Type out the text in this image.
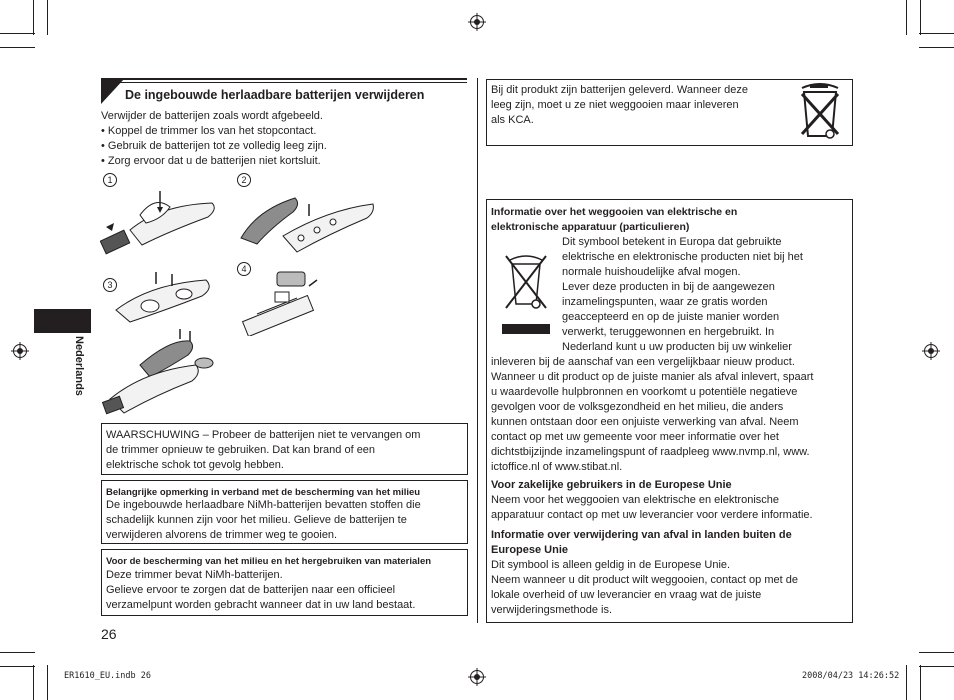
Nederlands
De ingebouwde herlaadbare batterijen verwijderen
Verwijder de batterijen zoals wordt afgebeeld.
• Koppel de trimmer los van het stopcontact.
• Gebruik de batterijen tot ze volledig leeg zijn.
• Zorg ervoor dat u de batterijen niet kortsluit.
1	2
3
4
WAARSCHUWING – Probeer de batterijen niet te vervangen om
de trimmer opnieuw te gebruiken. Dat kan brand of een
elektrische schok tot gevolg hebben.
Belangrijke opmerking in verband met de bescherming van het milieu
De ingebouwde herlaadbare NiMh-batterijen bevatten stoffen die
schadelijk kunnen zijn voor het milieu. Gelieve de batterijen te
verwijderen alvorens de trimmer weg te gooien.
Voor de bescherming van het milieu en het hergebruiken van materialen
Deze trimmer bevat NiMh-batterijen.
Gelieve ervoor te zorgen dat de batterijen naar een officieel
verzamelpunt worden gebracht wanneer dat in uw land bestaat.
26
Bij dit produkt zijn batterijen geleverd. Wanneer deze
leeg zijn, moet u ze niet weggooien maar inleveren
als KCA.
Informatie over het weggooien van elektrische en
elektronische apparatuur (particulieren)
Dit symbool betekent in Europa dat gebruikte
elektrische en elektronische producten niet bij het
normale huishoudelijke afval mogen.
Lever deze producten in bij de aangewezen
inzamelingspunten, waar ze gratis worden
geaccepteerd en op de juiste manier worden
verwerkt, teruggewonnen en hergebruikt. In
Nederland kunt u uw producten bij uw winkelier
inleveren bij de aanschaf van een vergelijkbaar nieuw product.
Wanneer u dit product op de juiste manier als afval inlevert, spaart
u waardevolle hulpbronnen en voorkomt u potentiële negatieve
gevolgen voor de volksgezondheid en het milieu, die anders
kunnen ontstaan door een onjuiste verwerking van afval. Neem
contact op met uw gemeente voor meer informatie over het
dichtstbijzijnde inzamelingspunt of raadpleeg www.nvmp.nl, www.
ictoffice.nl of www.stibat.nl.
Voor zakelijke gebruikers in de Europese Unie
Neem voor het weggooien van elektrische en elektronische
apparatuur contact op met uw leverancier voor verdere informatie.
Informatie over verwijdering van afval in landen buiten de
Europese Unie
Dit symbool is alleen geldig in de Europese Unie.
Neem wanneer u dit product wilt weggooien, contact op met de
lokale overheid of uw leverancier en vraag wat de juiste
verwijderingsmethode is.
ER1610_EU.indb 26	2008/04/23 14:26:52
